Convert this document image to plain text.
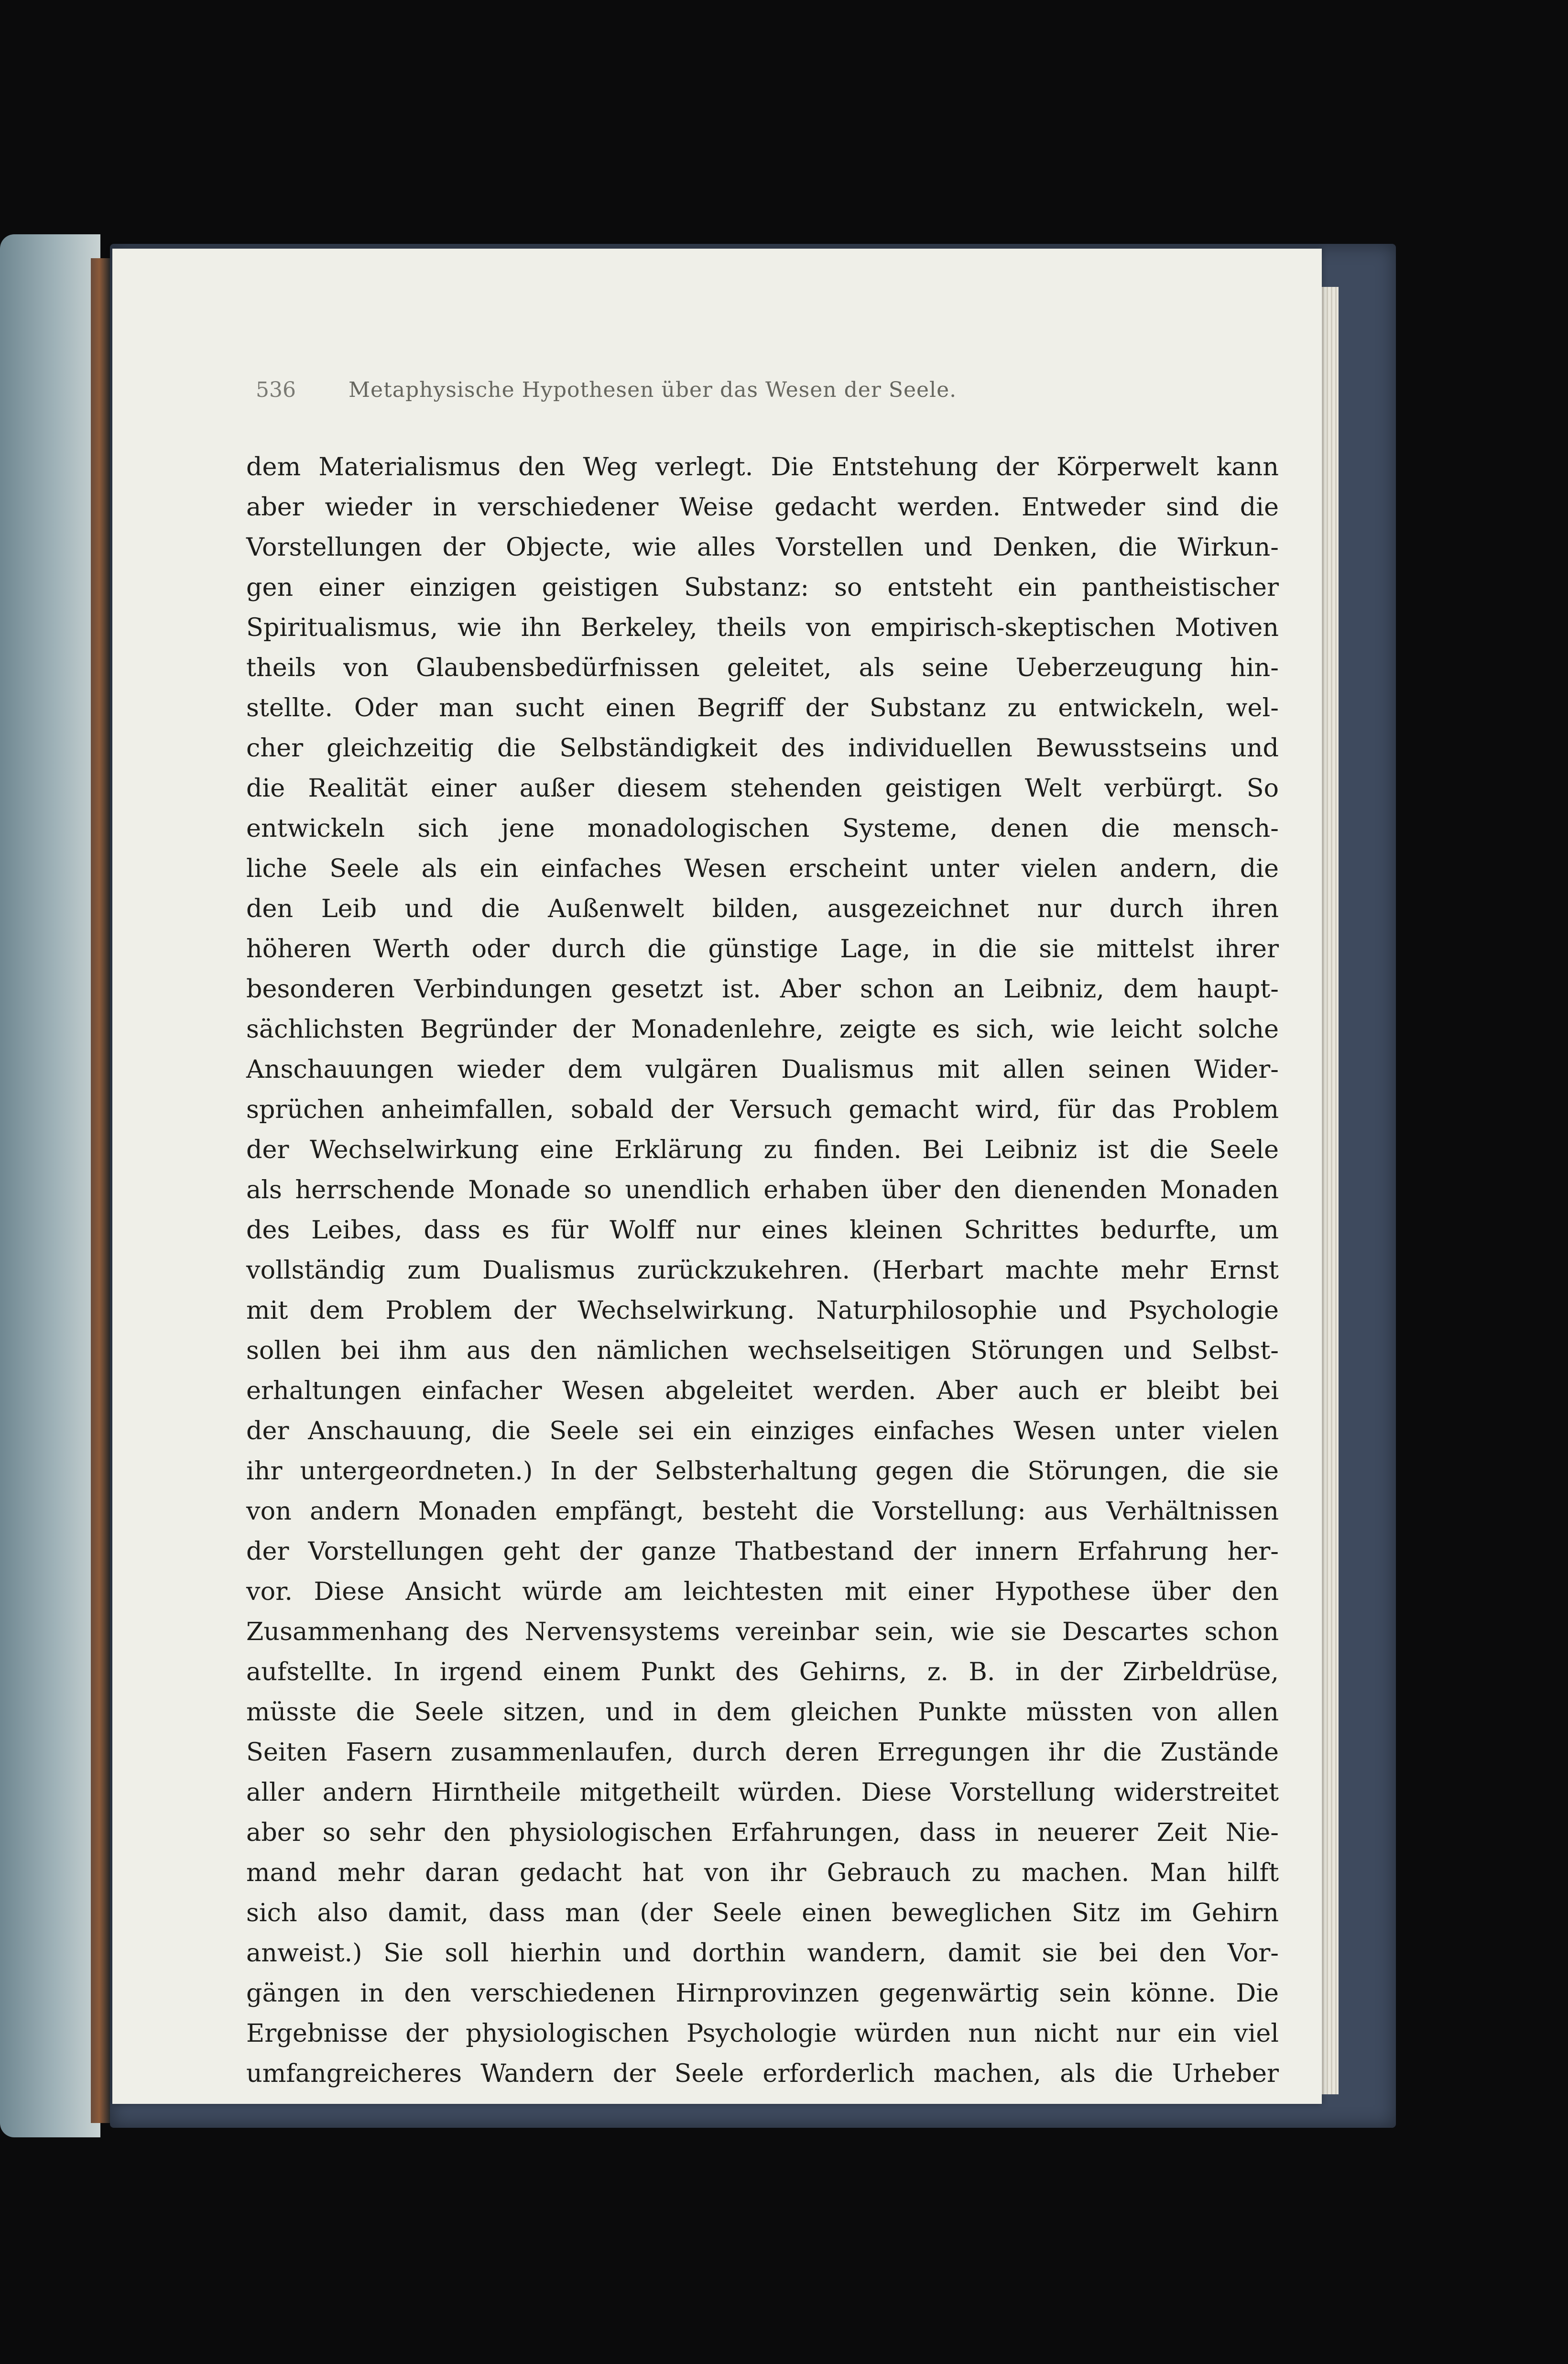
536	Metaphysische Hypothesen über das Wesen der Seele.
dem Materialismus den Weg verlegt. Die Entstehung der Körperwelt kann
aber wieder in verschiedener Weise gedacht werden. Entweder sind die
Vorstellungen der Objecte, wie alles Vorstellen und Denken, die Wirkun-
gen einer einzigen geistigen Substanz: so entsteht ein pantheistischer
Spiritualismus, wie ihn Berkeley, theils von empirisch-skeptischen Motiven
theils von Glaubensbedürfnissen geleitet, als seine Ueberzeugung hin-
stellte. Oder man sucht einen Begriff der Substanz zu entwickeln, wel-
cher gleichzeitig die Selbständigkeit des individuellen Bewusstseins und
die Realität einer außer diesem stehenden geistigen Welt verbürgt. So
entwickeln sich jene monadologischen Systeme, denen die mensch-
liche Seele als ein einfaches Wesen erscheint unter vielen andern, die
den Leib und die Außenwelt bilden, ausgezeichnet nur durch ihren
höheren Werth oder durch die günstige Lage, in die sie mittelst ihrer
besonderen Verbindungen gesetzt ist. Aber schon an Leibniz, dem haupt-
sächlichsten Begründer der Monadenlehre, zeigte es sich, wie leicht solche
Anschauungen wieder dem vulgären Dualismus mit allen seinen Wider-
sprüchen anheimfallen, sobald der Versuch gemacht wird, für das Problem
der Wechselwirkung eine Erklärung zu finden. Bei Leibniz ist die Seele
als herrschende Monade so unendlich erhaben über den dienenden Monaden
des Leibes, dass es für Wolff nur eines kleinen Schrittes bedurfte, um
vollständig zum Dualismus zurückzukehren. (Herbart machte mehr Ernst
mit dem Problem der Wechselwirkung. Naturphilosophie und Psychologie
sollen bei ihm aus den nämlichen wechselseitigen Störungen und Selbst-
erhaltungen einfacher Wesen abgeleitet werden. Aber auch er bleibt bei
der Anschauung, die Seele sei ein einziges einfaches Wesen unter vielen
ihr untergeordneten.) In der Selbsterhaltung gegen die Störungen, die sie
von andern Monaden empfängt, besteht die Vorstellung: aus Verhältnissen
der Vorstellungen geht der ganze Thatbestand der innern Erfahrung her-
vor. Diese Ansicht würde am leichtesten mit einer Hypothese über den
Zusammenhang des Nervensystems vereinbar sein, wie sie Descartes schon
aufstellte. In irgend einem Punkt des Gehirns, z. B. in der Zirbeldrüse,
müsste die Seele sitzen, und in dem gleichen Punkte müssten von allen
Seiten Fasern zusammenlaufen, durch deren Erregungen ihr die Zustände
aller andern Hirntheile mitgetheilt würden. Diese Vorstellung widerstreitet
aber so sehr den physiologischen Erfahrungen, dass in neuerer Zeit Nie-
mand mehr daran gedacht hat von ihr Gebrauch zu machen. Man hilft
sich also damit, dass man (der Seele einen beweglichen Sitz im Gehirn
anweist.) Sie soll hierhin und dorthin wandern, damit sie bei den Vor-
gängen in den verschiedenen Hirnprovinzen gegenwärtig sein könne. Die
Ergebnisse der physiologischen Psychologie würden nun nicht nur ein viel
umfangreicheres Wandern der Seele erforderlich machen, als die Urheber
